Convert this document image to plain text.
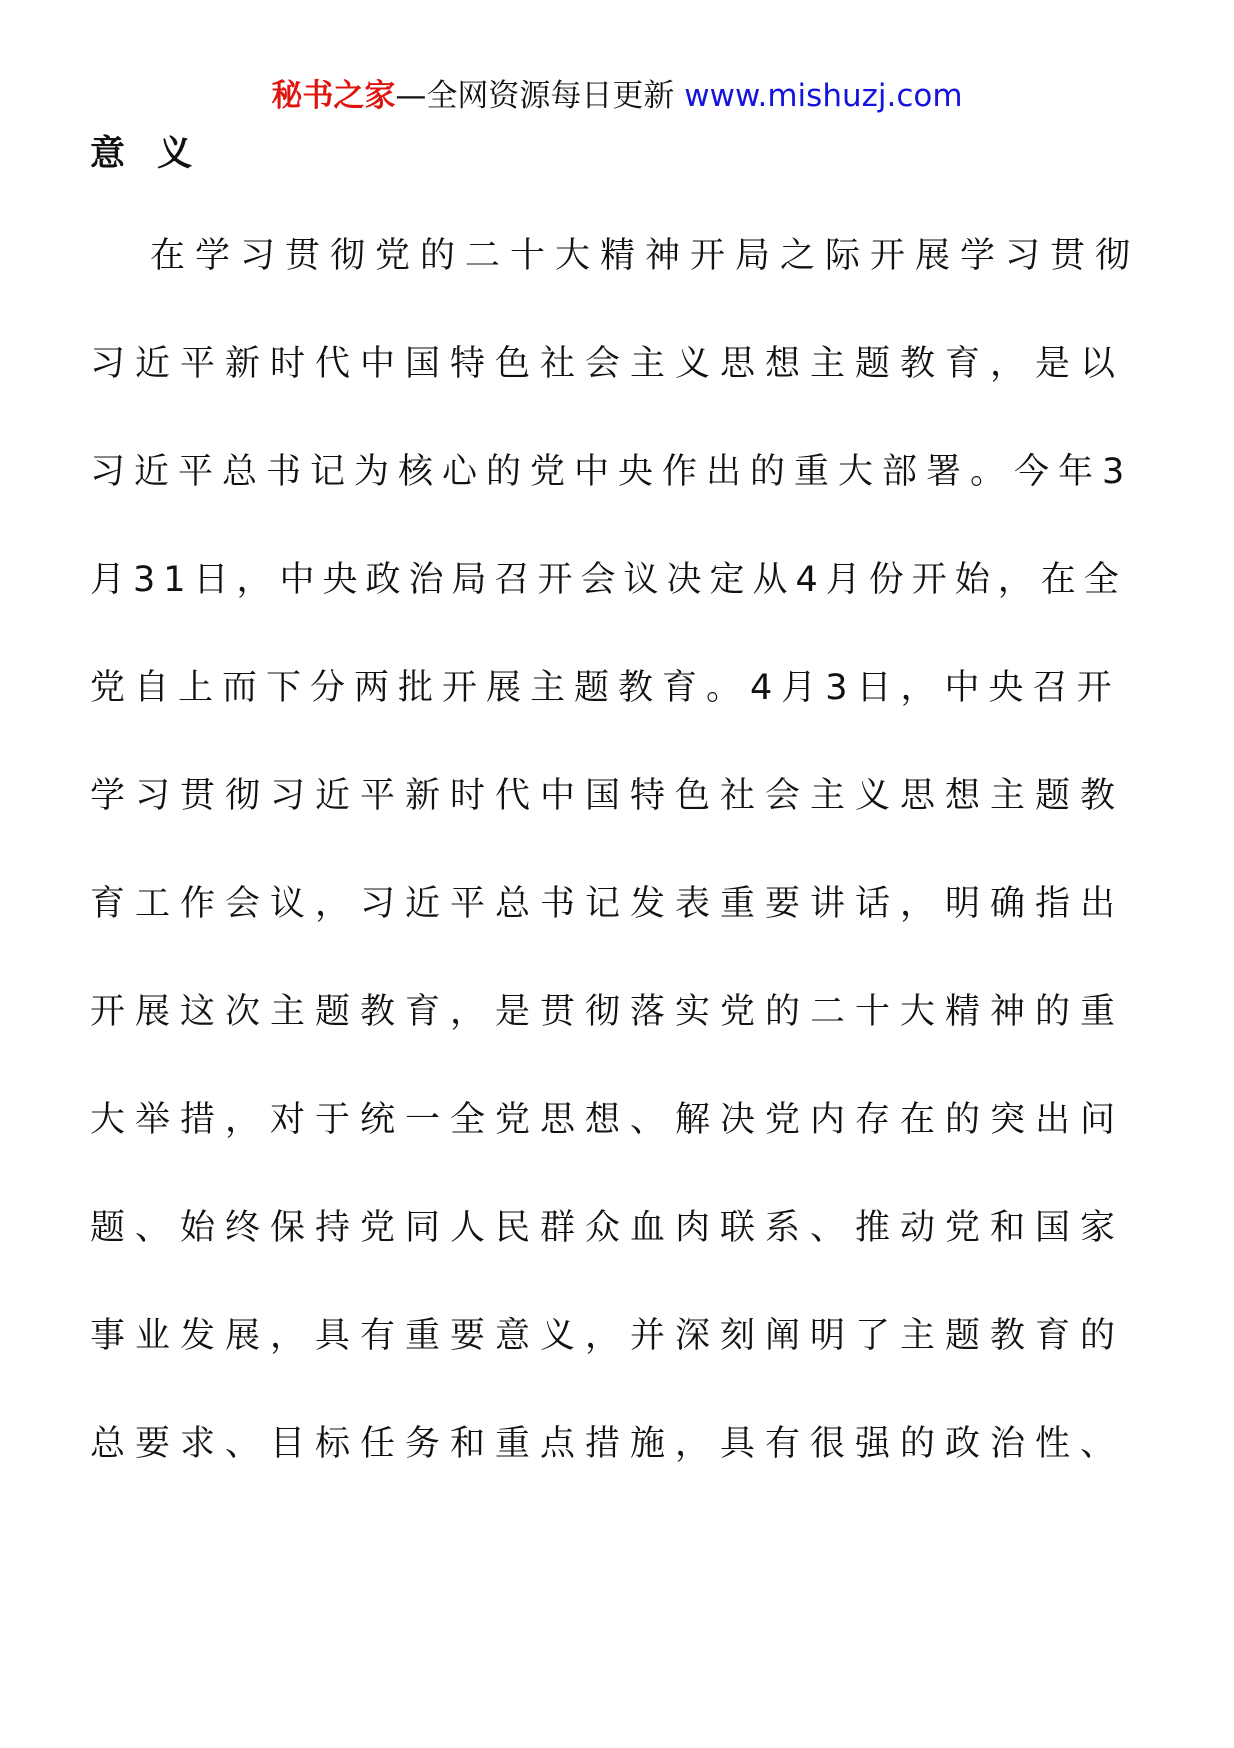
秘书之家—全网资源每日更新 www.mishuzj.com
意 义
在学习贯彻党的二十大精神开局之际开展学习贯彻
习近平新时代中国特色社会主义思想主题教育，是以
习近平总书记为核心的党中央作出的重大部署。今年3
月31日，中央政治局召开会议决定从4月份开始，在全
党自上而下分两批开展主题教育。4月3日，中央召开
学习贯彻习近平新时代中国特色社会主义思想主题教
育工作会议，习近平总书记发表重要讲话，明确指出
开展这次主题教育，是贯彻落实党的二十大精神的重
大举措，对于统一全党思想、解决党内存在的突出问
题、始终保持党同人民群众血肉联系、推动党和国家
事业发展，具有重要意义，并深刻阐明了主题教育的
总要求、目标任务和重点措施，具有很强的政治性、
